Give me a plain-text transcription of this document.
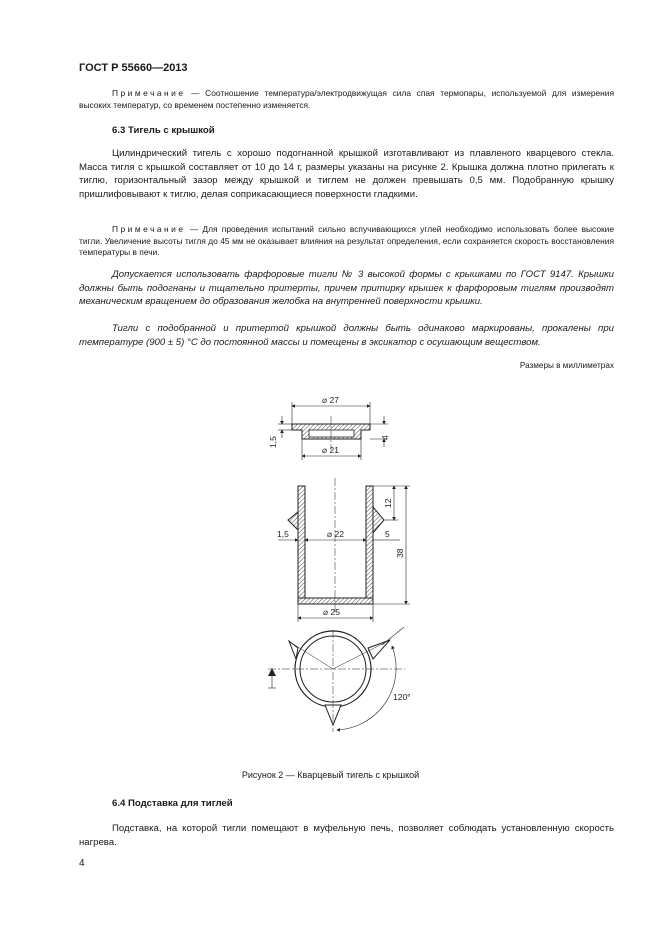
ГОСТ Р 55660—2013
Примечание — Соотношение температура/электродвижущая сила спая термопары, используемой для измерения высоких температур, со временем постепенно изменяется.
6.3 Тигель с крышкой
Цилиндрический тигель с хорошо подогнанной крышкой изготавливают из плавленого кварцевого стекла. Масса тигля с крышкой составляет от 10 до 14 г, размеры указаны на рисунке 2. Крышка должна плотно прилегать к тиглю, горизонтальный зазор между крышкой и тиглем не должен превышать 0,5 мм. Подобранную крышку пришлифовывают к тиглю, делая соприкасающиеся поверхности гладкими.
Примечание — Для проведения испытаний сильно вспучивающихся углей необходимо использовать более высокие тигли. Увеличение высоты тигля до 45 мм не оказывает влияния на результат определения, если сохраняется скорость восстановления температуры в печи.
Допускается использовать фарфоровые тигли № 3 высокой формы с крышками по ГОСТ 9147. Крышки должны быть подогнаны и тщательно притерты, причем притирку крышек к фарфоровым тиглям производят механическим вращением до образования желобка на внутренней поверхности крышки.
Тигли с подобранной и притертой крышкой должны быть одинаково маркированы, прокалены при температуре (900 ± 5) °С до постоянной массы и помещены в эксикатор с осушающим веществом.
Размеры в миллиметрах
⌀ 27
⌀ 21
1,5	4
1,5	⌀ 22	5
12
38
⌀ 25
120°
Рисунок 2 — Кварцевый тигель с крышкой
6.4 Подставка для тиглей
Подставка, на которой тигли помещают в муфельную печь, позволяет соблюдать установленную скорость нагрева.
4
